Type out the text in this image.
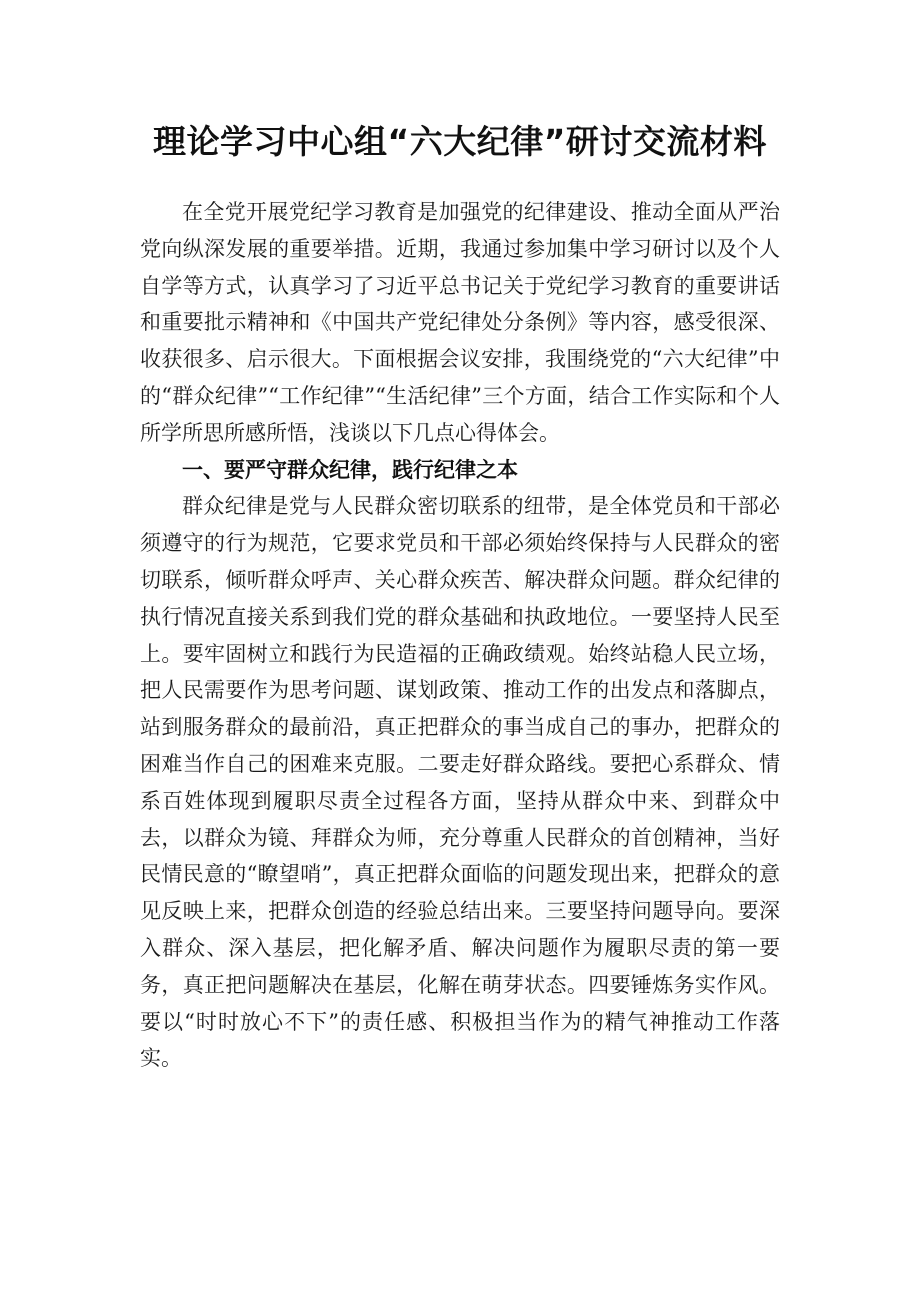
理论学习中心组“六大纪律”研讨交流材料

在全党开展党纪学习教育是加强党的纪律建设、推动全面从严治党向纵深发展的重要举措。近期，我通过参加集中学习研讨以及个人自学等方式，认真学习了习近平总书记关于党纪学习教育的重要讲话和重要批示精神和《中国共产党纪律处分条例》等内容，感受很深、收获很多、启示很大。下面根据会议安排，我围绕党的“六大纪律”中的“群众纪律”“工作纪律”“生活纪律”三个方面，结合工作实际和个人所学所思所感所悟，浅谈以下几点心得体会。

一、要严守群众纪律，践行纪律之本

群众纪律是党与人民群众密切联系的纽带，是全体党员和干部必须遵守的行为规范，它要求党员和干部必须始终保持与人民群众的密切联系，倾听群众呼声、关心群众疾苦、解决群众问题。群众纪律的执行情况直接关系到我们党的群众基础和执政地位。一要坚持人民至上。要牢固树立和践行为民造福的正确政绩观。始终站稳人民立场，把人民需要作为思考问题、谋划政策、推动工作的出发点和落脚点，站到服务群众的最前沿，真正把群众的事当成自己的事办，把群众的困难当作自己的困难来克服。二要走好群众路线。要把心系群众、情系百姓体现到履职尽责全过程各方面，坚持从群众中来、到群众中去，以群众为镜、拜群众为师，充分尊重人民群众的首创精神，当好民情民意的“瞭望哨”，真正把群众面临的问题发现出来，把群众的意见反映上来，把群众创造的经验总结出来。三要坚持问题导向。要深入群众、深入基层，把化解矛盾、解决问题作为履职尽责的第一要务，真正把问题解决在基层，化解在萌芽状态。四要锤炼务实作风。要以“时时放心不下”的责任感、积极担当作为的精气神推动工作落实。
